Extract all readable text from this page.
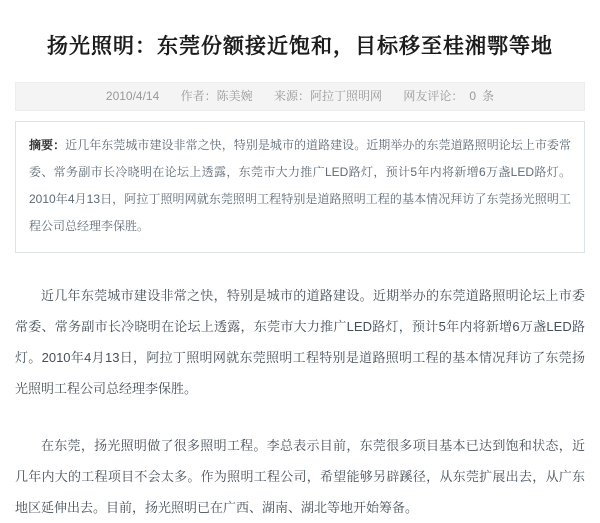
扬光照明：东莞份额接近饱和，目标移至桂湘鄂等地
2010/4/14 作者：陈美婉 来源：阿拉丁照明网 网友评论： 0 条
摘要：近几年东莞城市建设非常之快，特别是城市的道路建设。近期举办的东莞道路照明论坛上市委常委、常务副市长冷晓明在论坛上透露，东莞市大力推广LED路灯，预计5年内将新增6万盏LED路灯。2010年4月13日，阿拉丁照明网就东莞照明工程特别是道路照明工程的基本情况拜访了东莞扬光照明工程公司总经理李保胜。

近几年东莞城市建设非常之快，特别是城市的道路建设。近期举办的东莞道路照明论坛上市委常委、常务副市长冷晓明在论坛上透露，东莞市大力推广LED路灯，预计5年内将新增6万盏LED路灯。2010年4月13日，阿拉丁照明网就东莞照明工程特别是道路照明工程的基本情况拜访了东莞扬光照明工程公司总经理李保胜。

在东莞，扬光照明做了很多照明工程。李总表示目前，东莞很多项目基本已达到饱和状态，近几年内大的工程项目不会太多。作为照明工程公司，希望能够另辟蹊径，从东莞扩展出去，从广东地区延伸出去。目前，扬光照明已在广西、湖南、湖北等地开始筹备。
